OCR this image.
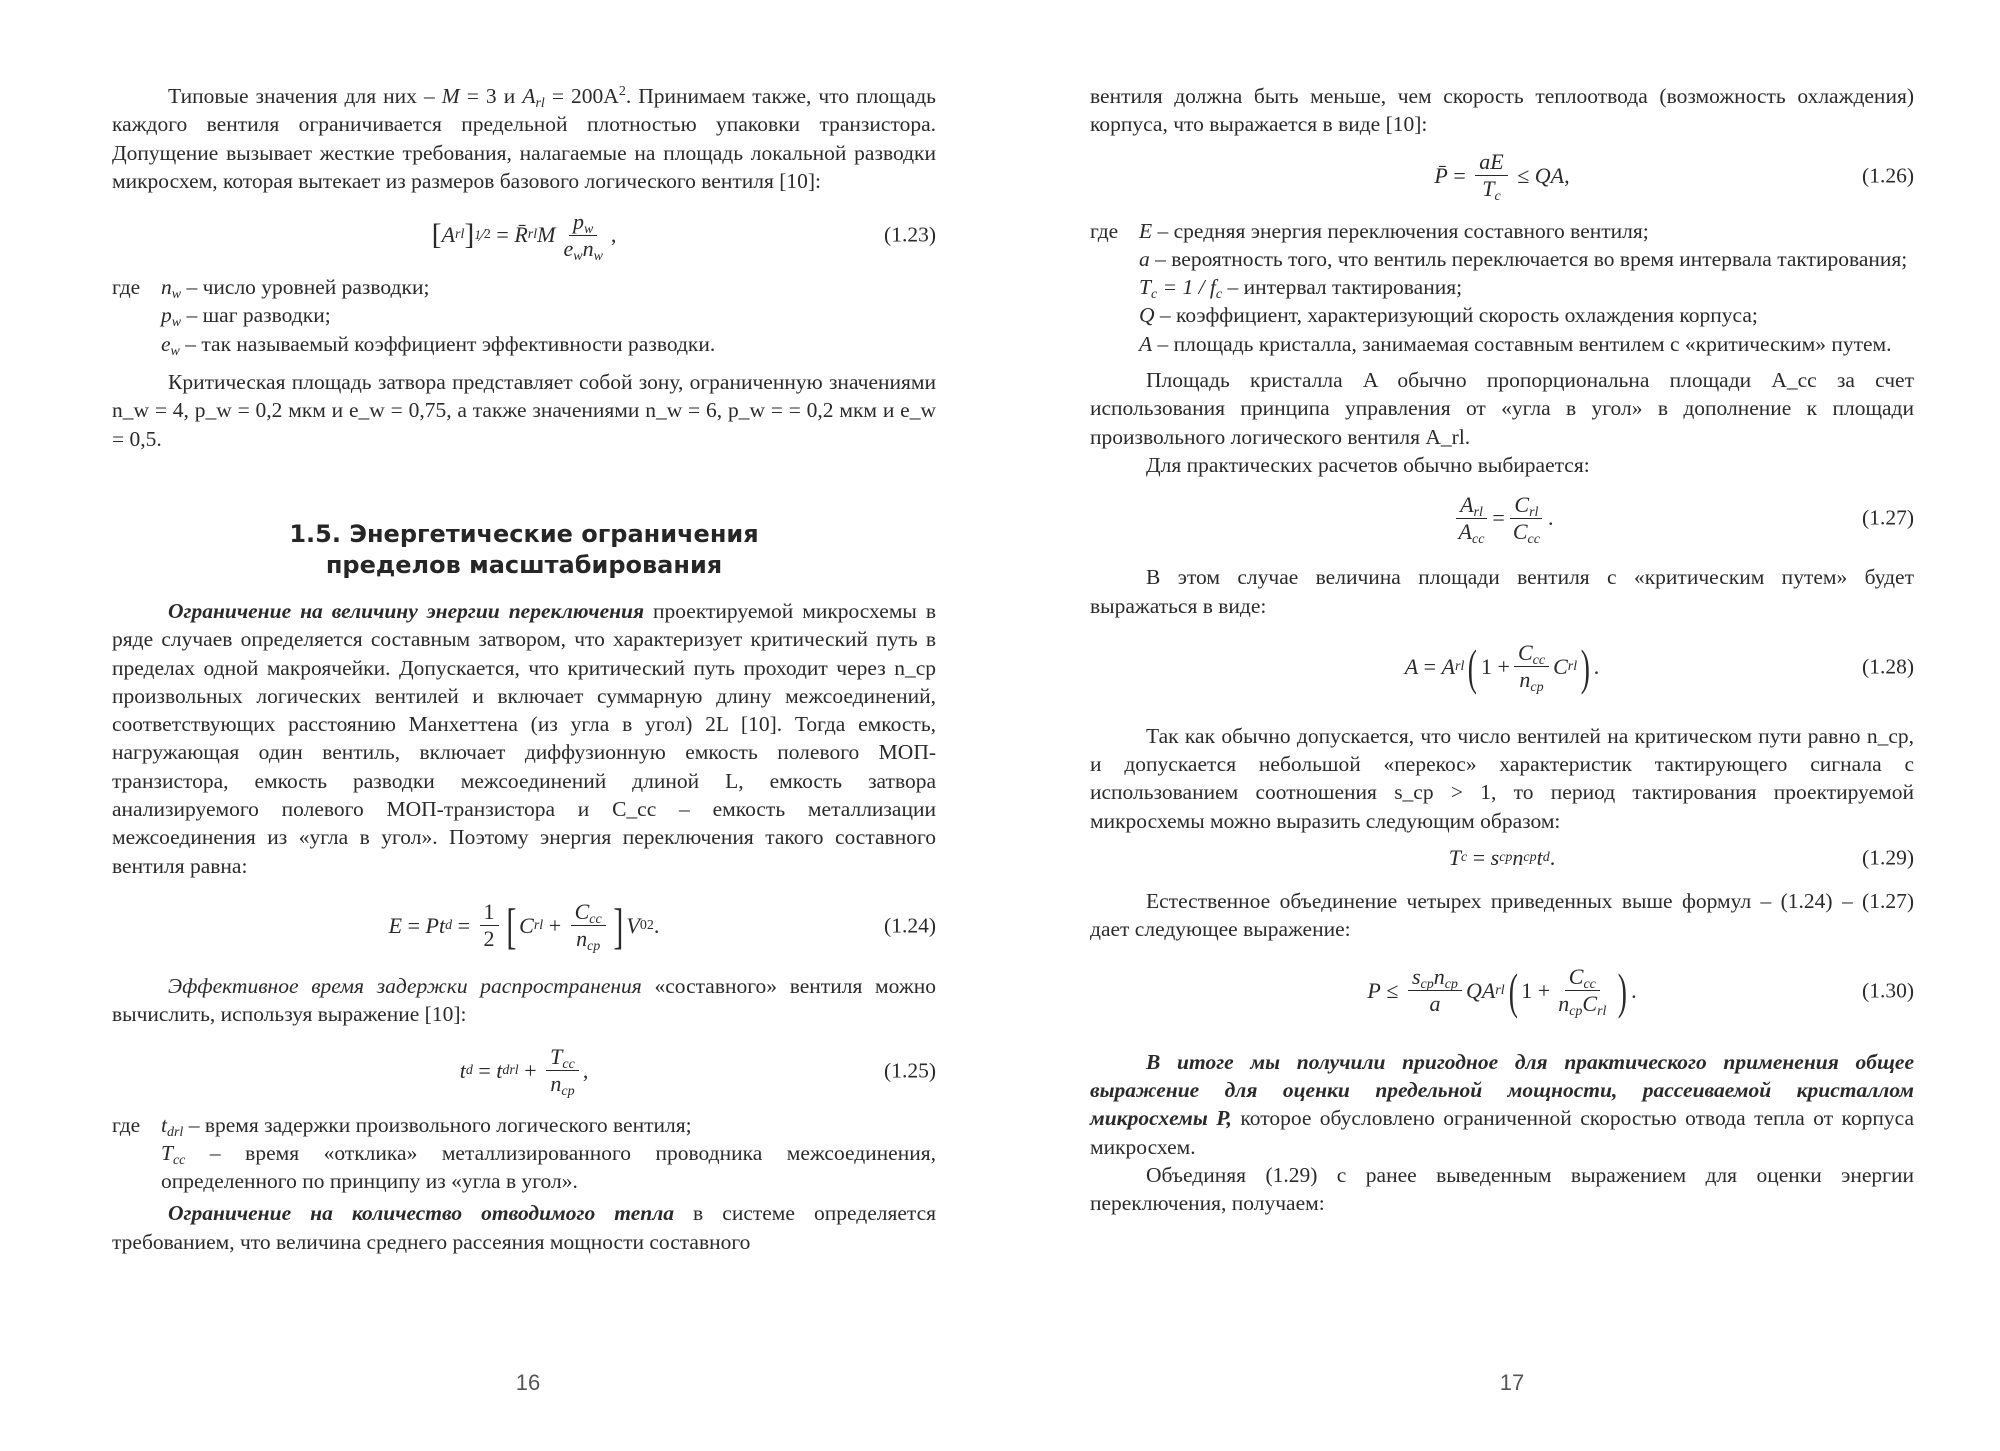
Типовые значения для них – M = 3 и $A_{rl} = 200A^2$. Принимаем также, что площадь каждого вентиля ограничивается предельной плотностью упаковки транзистора. Допущение вызывает жесткие требования, налагаемые на площадь локальной разводки микросхем, которая вытекает из размеров базового логического вентиля [10]:

[ A rl ] 1 ⁄ 2 = R̄ rl M $\frac{p_w}{e_wn_w}$ ,	(1.23)
где $n_w$ – число уровней разводки;
$p_w$ – шаг разводки;
$e_w$ – так называемый коэффициент эффективности разводки.

Критическая площадь затвора представляет собой зону, ограниченную значениями n_w = 4, p_w = 0,2 мкм и e_w = 0,75, а также значениями n_w = 6, p_w = = 0,2 мкм и e_w = 0,5.

1.5. Энергетические ограничения
пределов масштабирования

Ограничение на величину энергии переключения проектируемой микросхемы в ряде случаев определяется составным затвором, что характеризует критический путь в пределах одной макроячейки. Допускается, что критический путь проходит через n_cp произвольных логических вентилей и включает суммарную длину межсоединений, соответствующих расстоянию Манхеттена (из угла в угол) 2L [10]. Тогда емкость, нагружающая один вентиль, включает диффузионную емкость полевого МОП-транзистора, емкость разводки межсоединений длиной L, емкость затвора анализируемого полевого МОП-транзистора и C_cc – емкость металлизации межсоединения из «угла в угол». Поэтому энергия переключения такого составного вентиля равна:

E = Pt $d = \frac{1}{2}$ [ C rl + $\frac{C_{cc}}{n_{cp}}$ ] V 0 2 .	(1.24)

Эффективное время задержки распространения «составного» вентиля можно вычислить, используя выражение [10]:

t d = t drl + $\frac{T_{cc}}{n_{cp}}$ ,	(1.25)
где $t_{drl}$ – время задержки произвольного логического вентиля;

$T_{cc}$ – время «отклика» металлизированного проводника межсоединения, определенного по принципу из «угла в угол».

Ограничение на количество отводимого тепла в системе определяется требованием, что величина среднего рассеяния мощности составного

16

вентиля должна быть меньше, чем скорость теплоотвода (возможность охлаждения) корпуса, что выражается в виде [10]:

P̄ = $\frac{aE}{T_c}$ ≤ QA ,	(1.26)
где E – средняя энергия переключения составного вентиля;

a – вероятность того, что вентиль переключается во время интервала тактирования;

$T_c = 1 / f_c$ – интервал тактирования;

Q – коэффициент, характеризующий скорость охлаждения корпуса;

A – площадь кристалла, занимаемая составным вентилем с «критическим» путем.

Площадь кристалла A обычно пропорциональна площади A_cc за счет использования принципа управления от «угла в угол» в дополнение к площади произвольного логического вентиля A_rl.

Для практических расчетов обычно выбирается:

$\frac{A_{rl}}{A_{cc}} = \frac{C_{rl}}{C_{cc}}$ .	(1.27)

В этом случае величина площади вентиля с «критическим путем» будет выражаться в виде:

A = A rl ( $1 + \frac{C_{cc}}{n_{cp}}$ C rl ) .	(1.28)

Так как обычно допускается, что число вентилей на критическом пути равно n_cp, и допускается небольшой «перекос» характеристик тактирующего сигнала с использованием соотношения s_cp > 1, то период тактирования проектируемой микросхемы можно выразить следующим образом:

T c = s cp n cp t d .	(1.29)

Естественное объединение четырех приведенных выше формул – (1.24) – (1.27) дает следующее выражение:

$P \le \frac{s_{cp}n_{cp}}{a}$ QA rl ( $1 + \frac{C_{cc}}{n_{cp}C_{rl}}$ ) .	(1.30)

В итоге мы получили пригодное для практического применения общее выражение для оценки предельной мощности, рассеиваемой кристаллом микросхемы P, которое обусловлено ограниченной скоростью отвода тепла от корпуса микросхем.

Объединяя (1.29) с ранее выведенным выражением для оценки энергии переключения, получаем:

17
